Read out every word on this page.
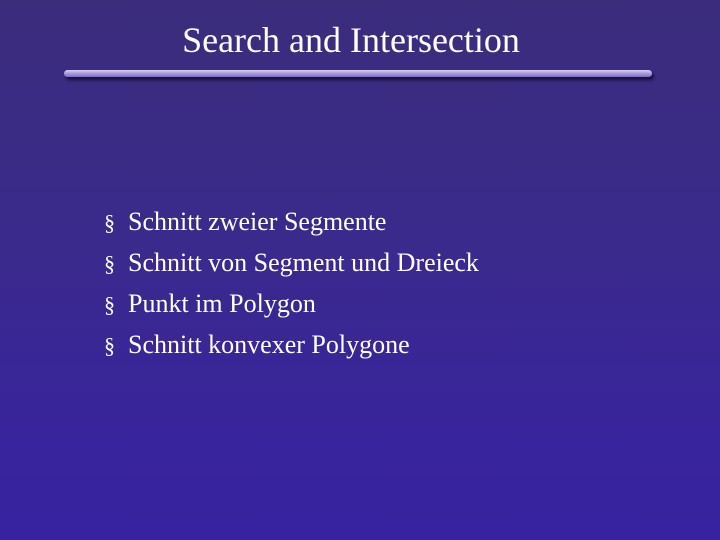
Search and Intersection
§ Schnitt zweier Segmente
§ Schnitt von Segment und Dreieck
§ Punkt im Polygon
§ Schnitt konvexer Polygone
